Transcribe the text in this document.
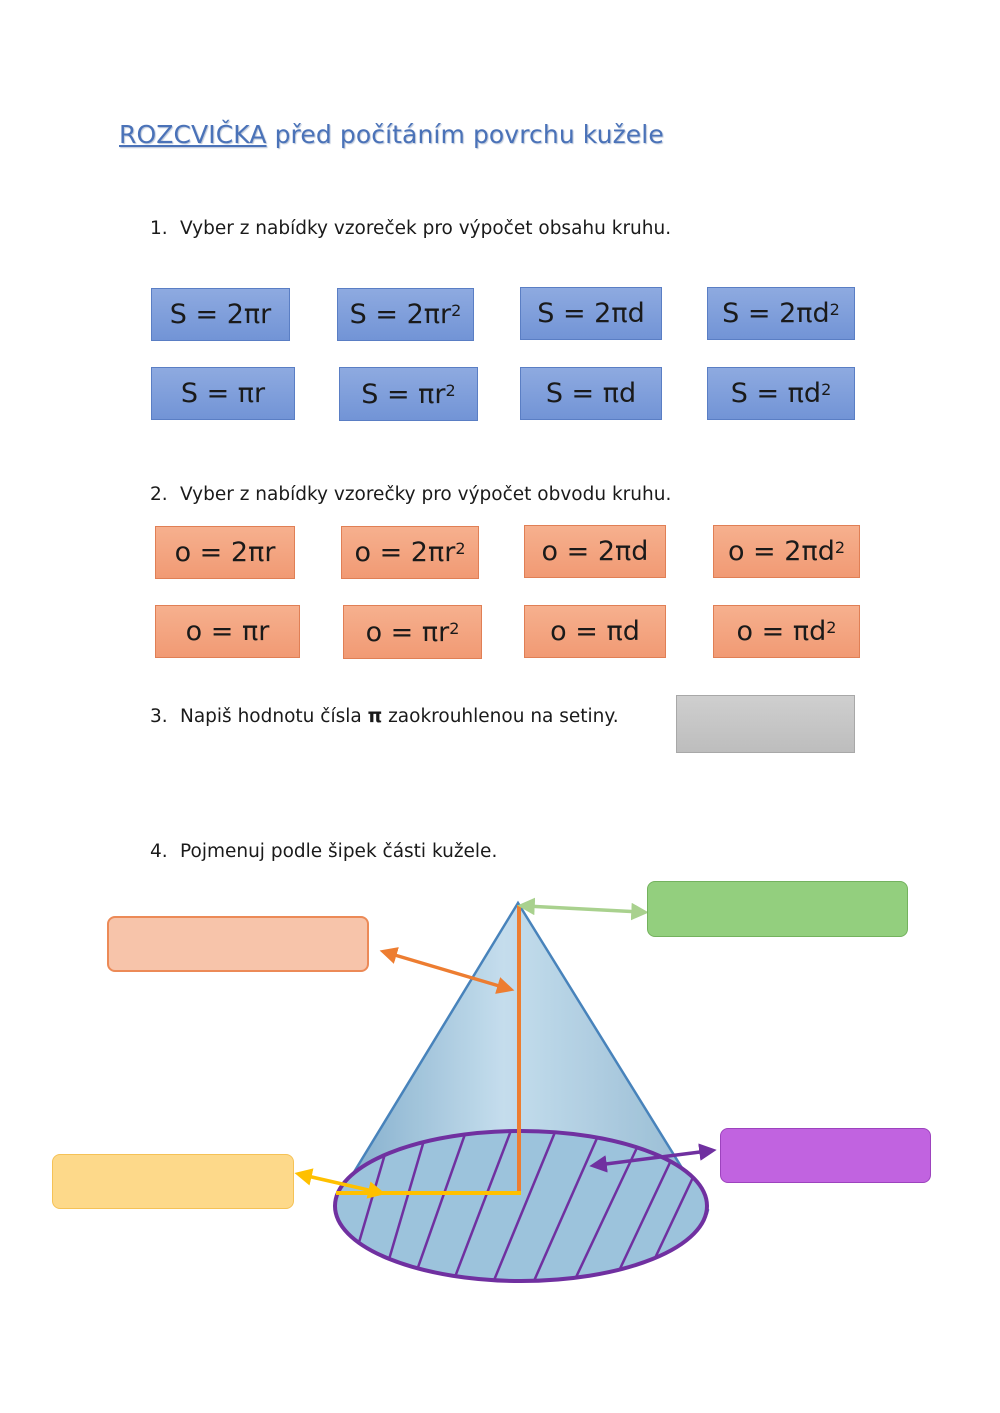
ROZCVIČKA před počítáním povrchu kužele
1. Vyber z nabídky vzoreček pro výpočet obsahu kruhu.
S = 2πr	$S = 2\pi r^2$	S = 2πd	$S = 2\pi d^2$
S = πr	$S = \pi r^2$	S = πd	$S = \pi d^2$
2. Vyber z nabídky vzorečky pro výpočet obvodu kruhu.
o = 2πr	$o = 2\pi r^2$	o = 2πd	$o = 2\pi d^2$
o = πr	$o = \pi r^2$	o = πd	$o = \pi d^2$
3. Napiš hodnotu čísla π zaokrouhlenou na setiny.
4. Pojmenuj podle šipek části kužele.
